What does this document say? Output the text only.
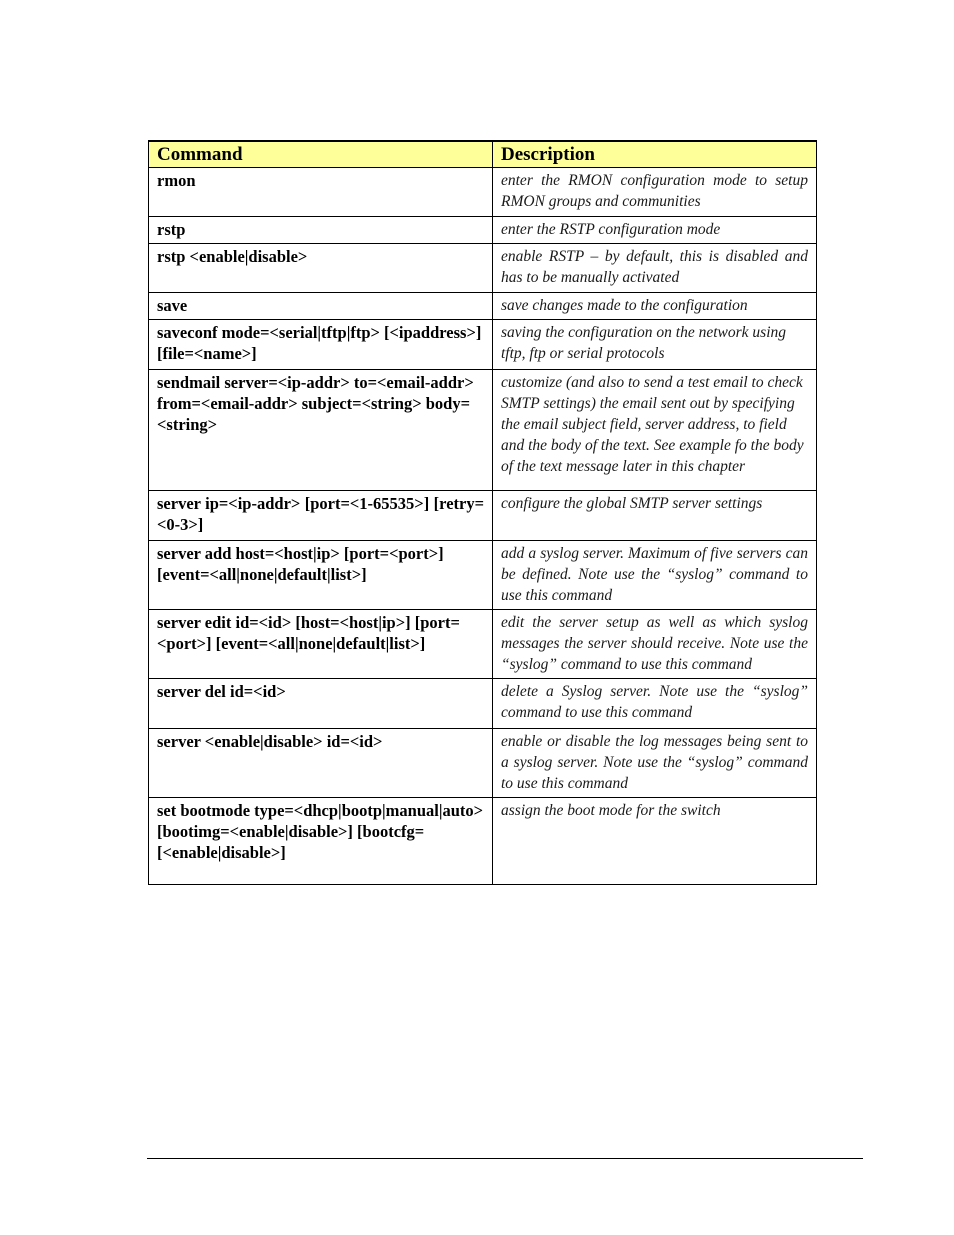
Command	Description
rmon	enter the RMON configuration mode to setup RMON groups and communities
rstp	enter the RSTP configuration mode
rstp <enable|disable>	enable RSTP – by default, this is disabled and has to be manually activated
save	save changes made to the configuration
saveconf mode=<serial|tftp|ftp> [<ipaddress>] [file=<name>]	saving the configuration on the network using tftp, ftp or serial protocols
sendmail server=<ip-addr> to=<email-addr> from=<email-addr> subject=<string> body=<string>	customize (and also to send a test email to check SMTP settings) the email sent out by specifying the email subject field, server address, to field and the body of the text. See example fo the body of the text message later in this chapter
server ip=<ip-addr> [port=<1-65535>] [retry=<0-3>]	configure the global SMTP server settings
server add host=<host|ip> [port=<port>] [event=<all|none|default|list>]	add a syslog server. Maximum of five servers can be defined. Note use the “syslog” command to use this command
server edit id=<id> [host=<host|ip>] [port=<port>] [event=<all|none|default|list>]	edit the server setup as well as which syslog messages the server should receive. Note use the “syslog” command to use this command
server del id=<id>	delete a Syslog server. Note use the “syslog” command to use this command
server <enable|disable> id=<id>	enable or disable the log messages being sent to a syslog server. Note use the “syslog” command to use this command
set bootmode type=<dhcp|bootp|manual|auto> [bootimg=<enable|disable>] [bootcfg=[<enable|disable>]	assign the boot mode for the switch
